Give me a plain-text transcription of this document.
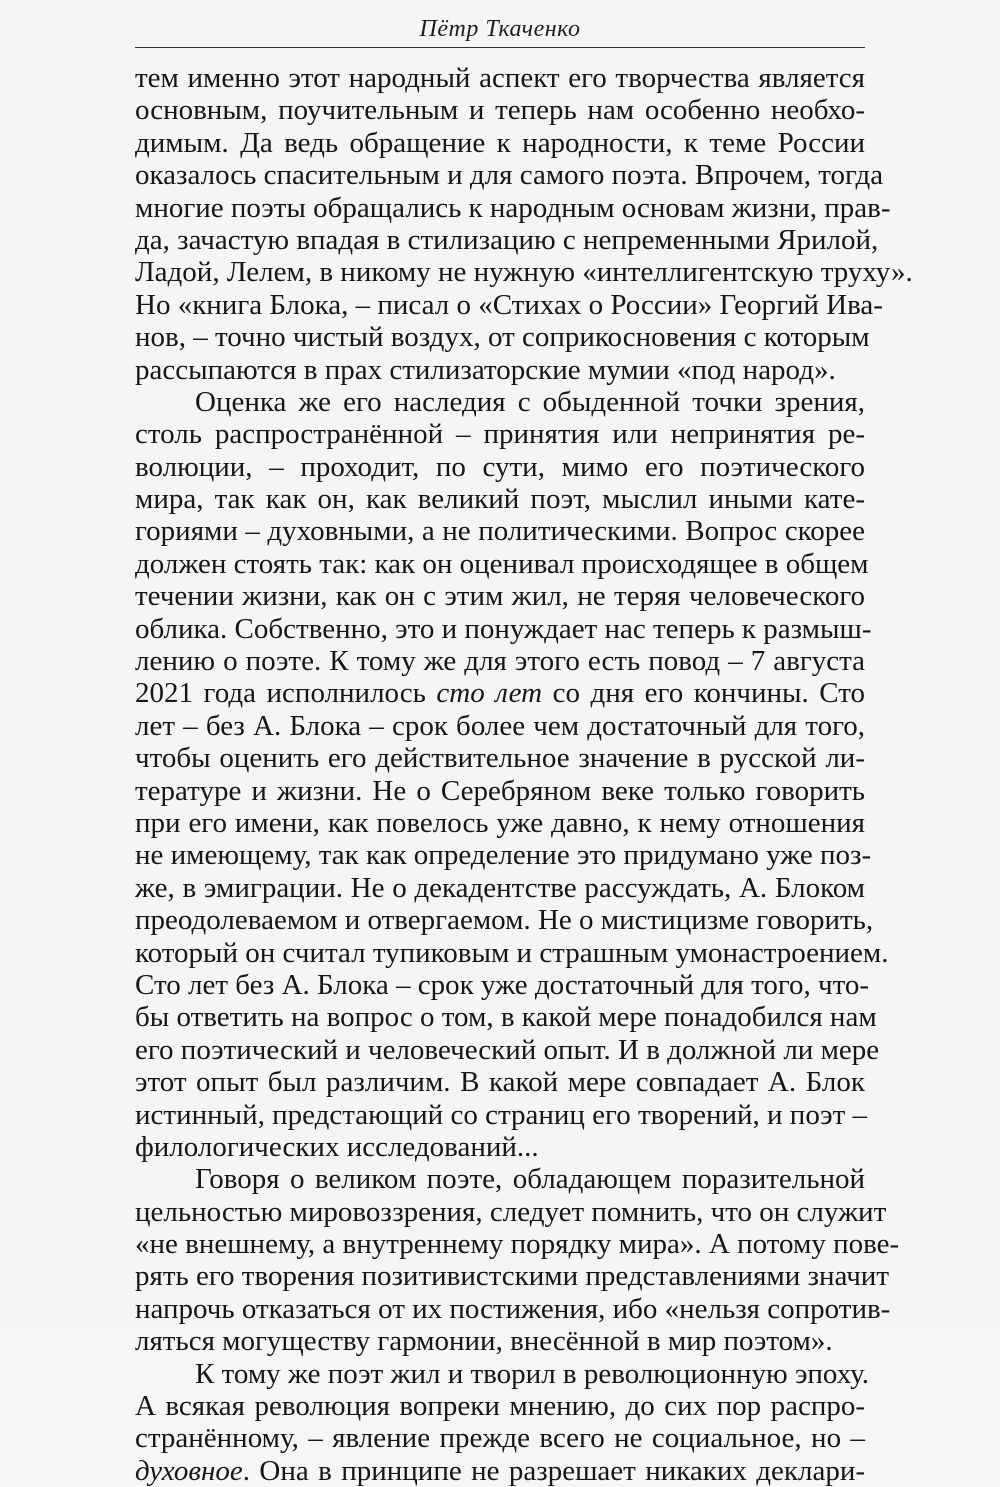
Пётр Ткаченко
тем именно этот народный аспект его творчества является
основным, поучительным и теперь нам особенно необхо-
димым. Да ведь обращение к народности, к теме России
оказалось спасительным и для самого поэта. Впрочем, тогда
многие поэты обращались к народным основам жизни, прав-
да, зачастую впадая в стилизацию с непременными Ярилой,
Ладой, Лелем, в никому не нужную «интеллигентскую труху».
Но «книга Блока, – писал о «Стихах о России» Георгий Ива-
нов, – точно чистый воздух, от соприкосновения с которым
рассыпаются в прах стилизаторские мумии «под народ».
Оценка же его наследия с обыденной точки зрения,
столь распространённой – принятия или непринятия ре-
волюции, – проходит, по сути, мимо его поэтического
мира, так как он, как великий поэт, мыслил иными кате-
гориями – духовными, а не политическими. Вопрос скорее
должен стоять так: как он оценивал происходящее в общем
течении жизни, как он с этим жил, не теряя человеческого
облика. Собственно, это и понуждает нас теперь к размыш-
лению о поэте. К тому же для этого есть повод – 7 августа
2021 года исполнилось сто лет со дня его кончины. Сто
лет – без А. Блока – срок более чем достаточный для того,
чтобы оценить его действительное значение в русской ли-
тературе и жизни. Не о Серебряном веке только говорить
при его имени, как повелось уже давно, к нему отношения
не имеющему, так как определение это придумано уже поз-
же, в эмиграции. Не о декадентстве рассуждать, А. Блоком
преодолеваемом и отвергаемом. Не о мистицизме говорить,
который он считал тупиковым и страшным умонастроением.
Сто лет без А. Блока – срок уже достаточный для того, что-
бы ответить на вопрос о том, в какой мере понадобился нам
его поэтический и человеческий опыт. И в должной ли мере
этот опыт был различим. В какой мере совпадает А. Блок
истинный, предстающий со страниц его творений, и поэт –
филологических исследований...
Говоря о великом поэте, обладающем поразительной
цельностью мировоззрения, следует помнить, что он служит
«не внешнему, а внутреннему порядку мира». А потому пове-
рять его творения позитивистскими представлениями значит
напрочь отказаться от их постижения, ибо «нельзя сопротив-
ляться могуществу гармонии, внесённой в мир поэтом».
К тому же поэт жил и творил в революционную эпоху.
А всякая революция вопреки мнению, до сих пор распро-
странённому, – явление прежде всего не социальное, но –
духовное. Она в принципе не разрешает никаких деклари-
